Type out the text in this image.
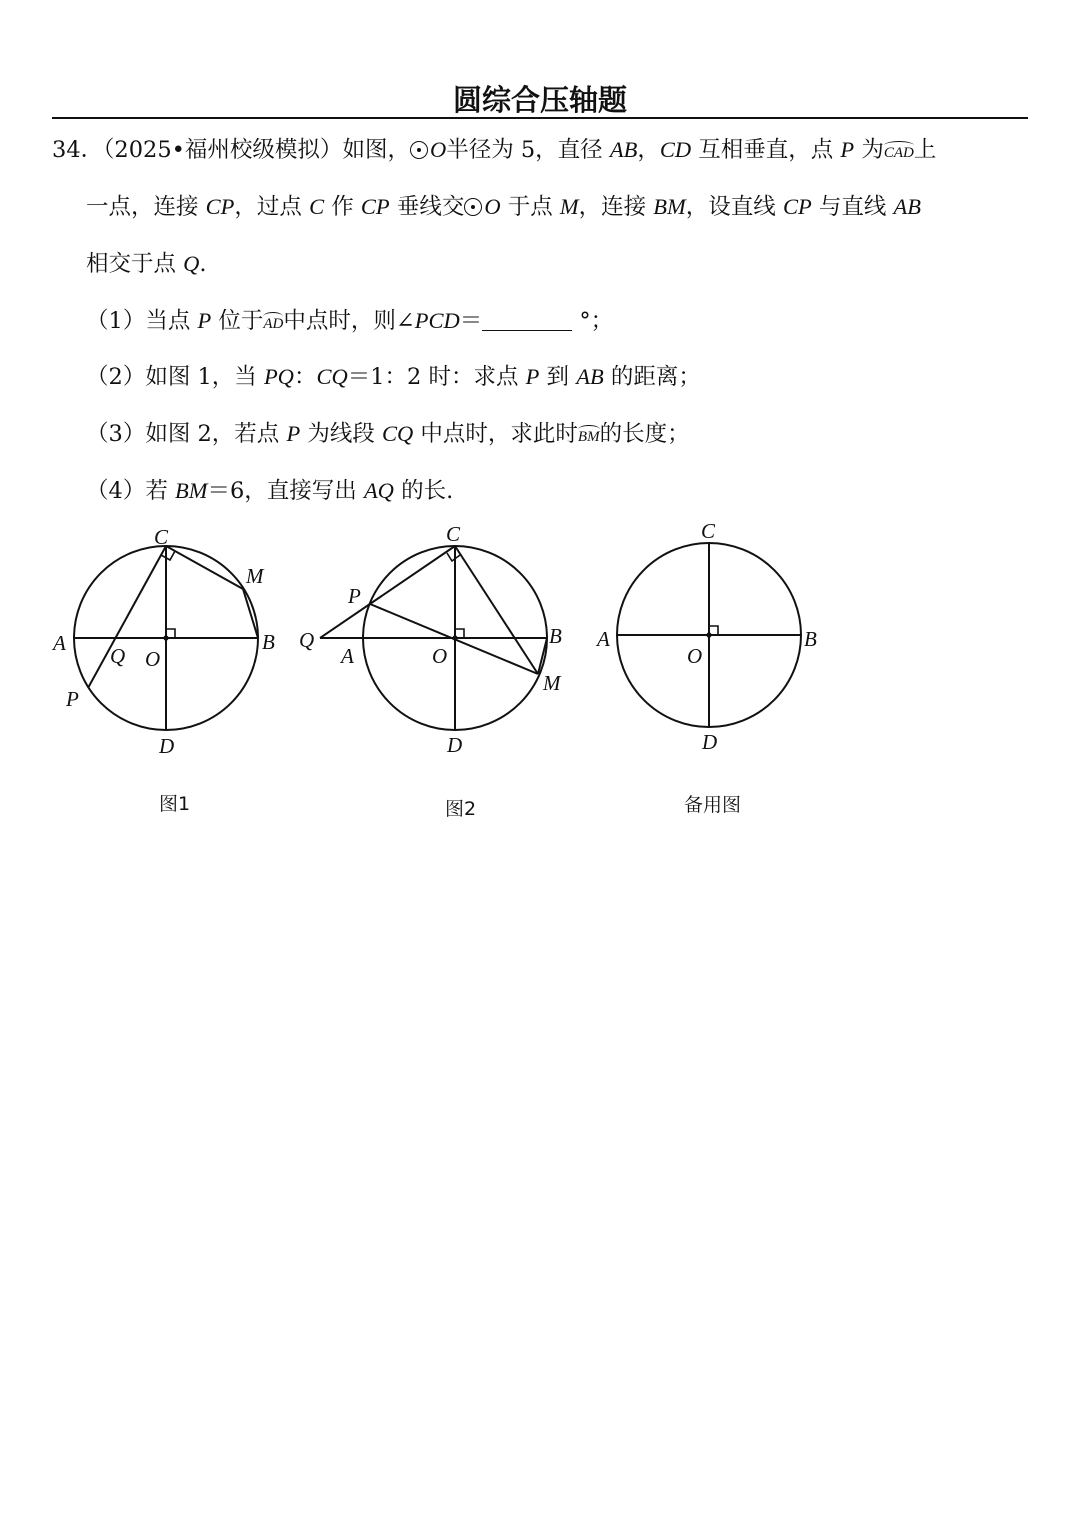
圆综合压轴题
34．（2025•福州校级模拟）如图， O半径为 5，直径 AB，CD 互相垂直，点 P 为CAD上
一点，连接 CP，过点 C 作 CP 垂线交 O 于点 M，连接 BM，设直线 CP 与直线 AB
相交于点 Q.
（1）当点 P 位于AD中点时，则∠PCD＝	°；
（2）如图 1，当 PQ：CQ＝1：2 时：求点 P 到 AB 的距离；
（3）如图 2，若点 P 为线段 CQ 中点时，求此时BM的长度；
（4）若 BM＝6，直接写出 AQ 的长.
C
M
A
Q O
B
P
D
C
P
Q
A	O
B
M
D
C
A
O
B
D
图1	图2	备用图
